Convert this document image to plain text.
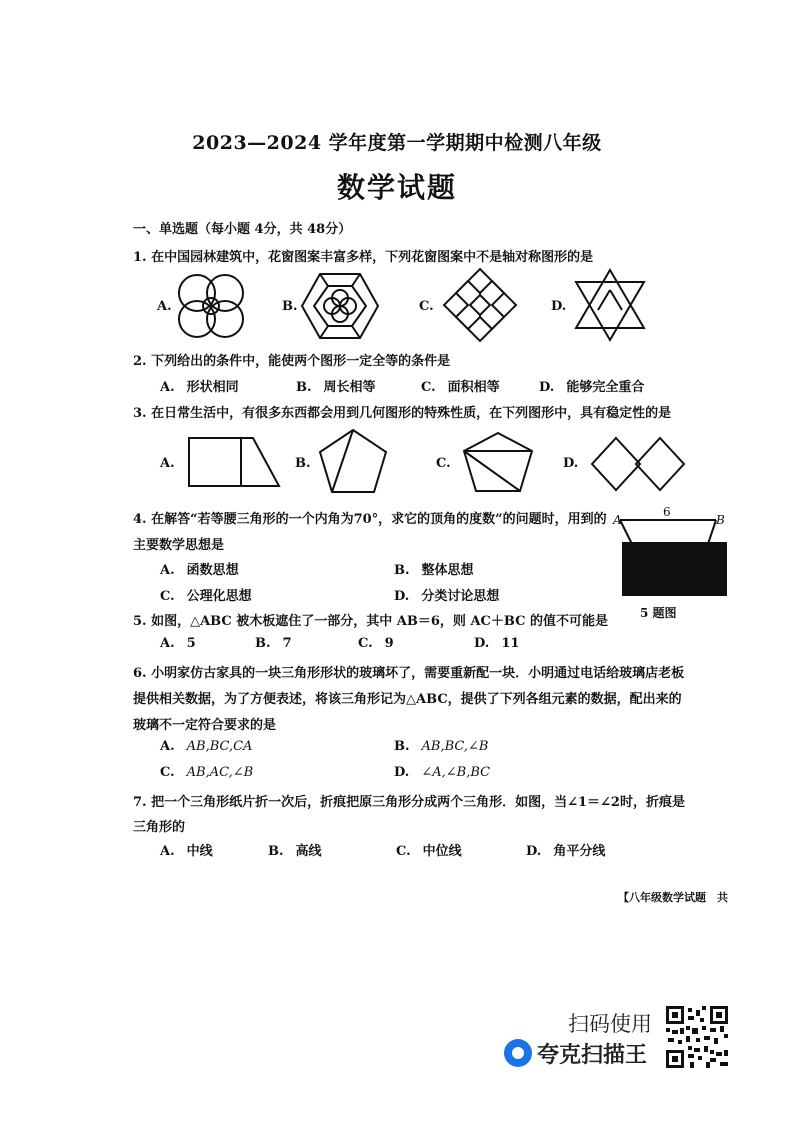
2023—2024 学年度第一学期期中检测八年级
数学试题
一、单选题（每小题 4分，共 48分）
1. 在中国园林建筑中，花窗图案丰富多样，下列花窗图案中不是轴对称图形的是
A.	B.	C.	D.
2. 下列给出的条件中，能使两个图形一定全等的条件是
A. 形状相同	B. 周长相等	C. 面积相等	D. 能够完全重合
3. 在日常生活中，有很多东西都会用到几何图形的特殊性质，在下列图形中，具有稳定性的是
A.	B.	C.	D.
4. 在解答“若等腰三角形的一个内角为70°，求它的顶角的度数”的问题时，用到的
主要数学思想是
A. 函数思想	B. 整体思想
C. 公理化思想	D. 分类讨论思想
A	B
6
5 题图
5. 如图，△ABC 被木板遮住了一部分，其中 AB＝6，则 AC＋BC 的值不可能是
A. 5	B. 7	C. 9	D. 11
6. 小明家仿古家具的一块三角形形状的玻璃坏了，需要重新配一块．小明通过电话给玻璃店老板
提供相关数据，为了方便表述，将该三角形记为△ABC，提供了下列各组元素的数据，配出来的
玻璃不一定符合要求的是
A. AB,BC,CA	B. AB,BC,∠B
C. AB,AC,∠B	D. ∠A,∠B,BC
7. 把一个三角形纸片折一次后，折痕把原三角形分成两个三角形．如图，当∠1＝∠2时，折痕是
三角形的
A. 中线	B. 高线	C. 中位线	D. 角平分线
【八年级数学试题　共
扫码使用
夸克扫描王
